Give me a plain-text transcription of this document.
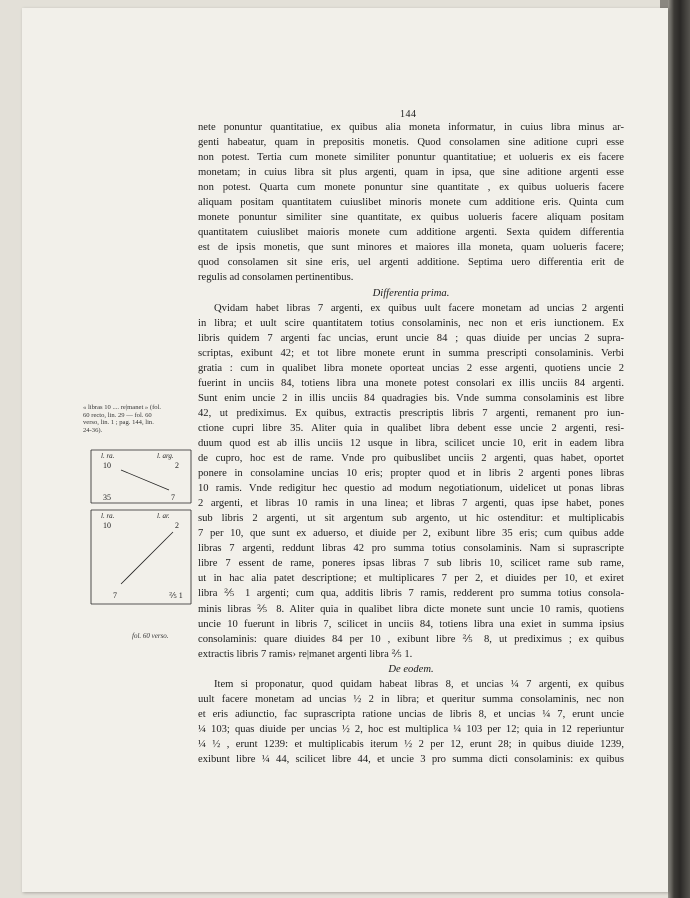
144
nete ponuntur quantitatiue, ex quibus alia moneta informatur, in cuius libra minus ar-
genti habeatur, quam in prepositis monetis. Quod consolamen sine aditione cupri esse
non potest. Tertia cum monete similiter ponuntur quantitatiue; et uolueris ex eis facere
monetam; in cuius libra sit plus argenti, quam in ipsa, que sine aditione argenti esse
non potest. Quarta cum monete ponuntur sine quantitate , ex quibus uolueris facere
aliquam positam quantitatem cuiuslibet minoris monete cum additione eris. Quinta cum
monete ponuntur similiter sine quantitate, ex quibus uolueris facere aliquam positam
quantitatem cuiuslibet maioris monete cum additione argenti. Sexta quidem differentia
est de ipsis monetis, que sunt minores et maiores illa moneta, quam uolueris facere;
quod consolamen sit sine eris, uel argenti additione. Septima uero differentia erit de
regulis ad consolamen pertinentibus.
Differentia prima.
Qvidam habet libras 7 argenti, ex quibus uult facere monetam ad uncias 2 argenti
in libra; et uult scire quantitatem totius consolaminis, nec non et eris iunctionem. Ex
libris quidem 7 argenti fac uncias, erunt uncie 84 ; quas diuide per uncias 2 supra-
scriptas, exibunt 42; et tot libre monete erunt in summa prescripti consolaminis. Verbi
gratia : cum in qualibet libra monete oporteat uncias 2 esse argenti, quotiens uncie 2
fuerint in unciis 84, totiens libra una monete potest consolari ex illis unciis 84 argenti.
Sunt enim uncie 2 in illis unciis 84 quadragies bis. Vnde summa consolaminis est libre
42, ut prediximus. Ex quibus, extractis prescriptis libris 7 argenti, remanent pro iun-
ctione cupri libre 35. Aliter quia in qualibet libra debent esse uncie 2 argenti, resi-
duum quod est ab illis unciis 12 usque in libra, scilicet uncie 10, erit in eadem libra
de cupro, hoc est de rame. Vnde pro quibuslibet unciis 2 argenti, quas habet, oportet
ponere in consolamine uncias 10 eris; propter quod et in libris 2 argenti pones libras
10 ramis. Vnde redigitur hec questio ad modum negotiationum, uidelicet ut ponas libras
2 argenti, et libras 10 ramis in una linea; et libras 7 argenti, quas ipse habet, pones
sub libris 2 argenti, ut sit argentum sub argento, ut hic ostenditur: et multiplicabis
7 per 10, que sunt ex aduerso, et diuide per 2, exibunt libre 35 eris; cum quibus adde
libras 7 argenti, reddunt libras 42 pro summa totius consolaminis. Nam si suprascripte
libre 7 essent de rame, poneres ipsas libras 7 sub libris 10, scilicet rame sub rame,
ut in hac alia patet descriptione; et multiplicares 7 per 2, et diuides per 10, et exiret
libra ⅖ 1 argenti; cum qua, additis libris 7 ramis, redderent pro summa totius consola-
minis libras ⅖ 8. Aliter quia in qualibet libra dicte monete sunt uncie 10 ramis, quotiens
uncie 10 fuerunt in libris 7, scilicet in unciis 84, totiens libra una exiet in summa ipsius
consolaminis: quare diuides 84 per 10 , exibunt libre ⅖ 8, ut prediximus ; ex quibus
extractis libris 7 ramis› re|manet argenti libra ⅖ 1.
De eodem.
Item si proponatur, quod quidam habeat libras 8, et uncias ¼ 7 argenti, ex quibus
uult facere monetam ad uncias ½ 2 in libra; et queritur summa consolaminis, nec non
et eris adiunctio, fac suprascripta ratione uncias de libris 8, et uncias ¼ 7, erunt uncie
¼ 103; quas diuide per uncias ½ 2, hoc est multiplica ¼ 103 per 12; quia in 12 reperiuntur
¼ ½ , erunt 1239: et multiplicabis iterum ½ 2 per 12, erunt 28; in quibus diuide 1239,
exibunt libre ¼ 44, scilicet libre 44, et uncie 3 pro summa dicti consolaminis: ex quibus
« libras 10 .... re|manet » (fol.
60 recto, lin. 29 — fol. 60
verso, lin. 1 ; pag. 144, lin.
24-36).
l. ra.	l. arg.
10	2
35	7
l. ra.	l. ar.
10	2
7	⅖ 1
fol. 60 verso.
